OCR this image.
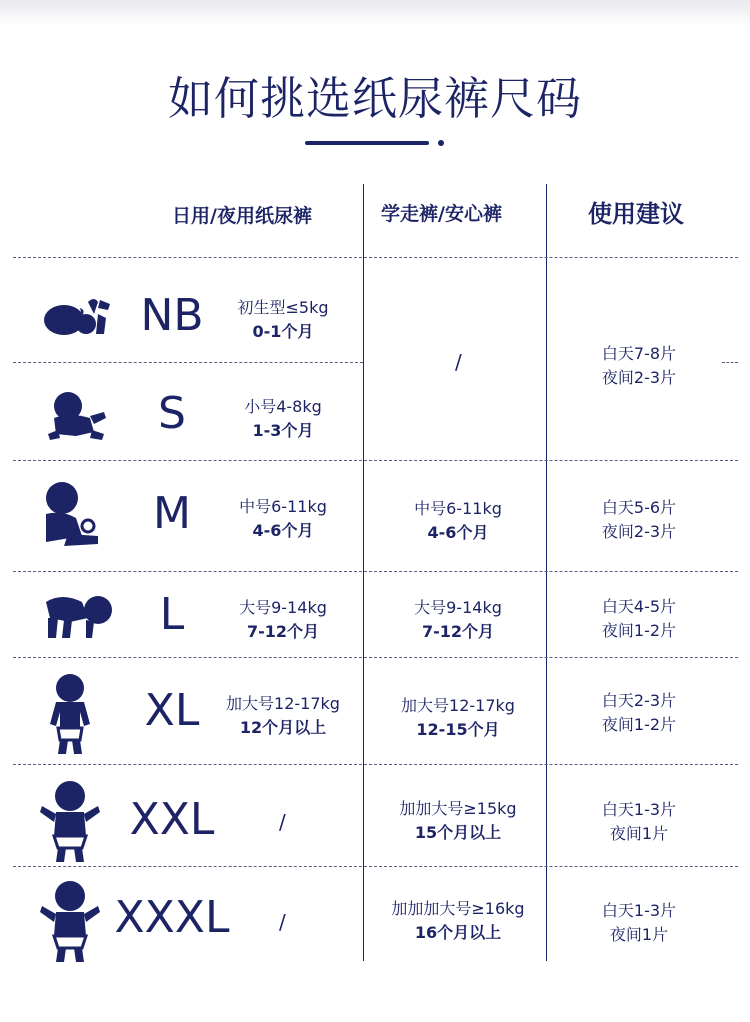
如何挑选纸尿裤尺码
日用/夜用纸尿裤	学走裤/安心裤	使用建议
NB
S
M
L
XL
XXL
XXXL
初生型≤5kg
0-1个月
小号4-8kg
1-3个月
中号6-11kg
4-6个月
大号9-14kg
7-12个月
加大号12-17kg
12个月以上
/
/
/
中号6-11kg
4-6个月
大号9-14kg
7-12个月
加大号12-17kg
12-15个月
加加大号≥15kg
15个月以上
加加加大号≥16kg
16个月以上
白天7-8片
夜间2-3片
白天5-6片
夜间2-3片
白天4-5片
夜间1-2片
白天2-3片
夜间1-2片
白天1-3片
夜间1片
白天1-3片
夜间1片
